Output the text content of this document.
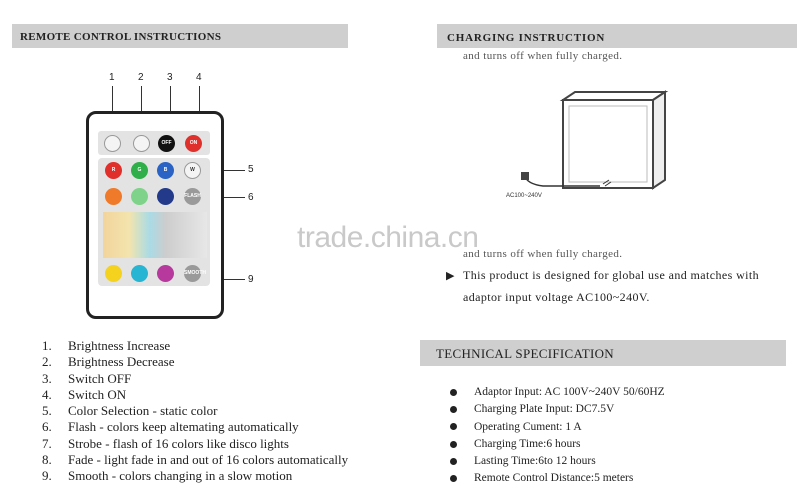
REMOTE CONTROL INSTRUCTIONS
1 2 3 4
5
6
9
OFF	ON
R	G	B	W
FLASH
SMOOTH
1. Brightness Increase
2. Brightness Decrease
3. Switch OFF
4. Switch ON
5. Color Selection - static color
6. Flash - colors keep altemating automatically
7. Strobe - flash of 16 colors like disco lights
8. Fade - light fade in and out of 16 colors automatically
9. Smooth - colors changing in a slow motion
CHARGING INSTRUCTION
and turns off when fully charged.
AC100~240V
and turns off when fully charged.
▶ This product is designed for global use and matches with
adaptor input voltage AC100~240V.
TECHNICAL SPECIFICATION
Adaptor Input: AC 100V~240V 50/60HZ
Charging Plate Input: DC7.5V
Operating Cument: 1 A
Charging Time:6 hours
Lasting Time:6to 12 hours
Remote Control Distance:5 meters
trade.china.cn
